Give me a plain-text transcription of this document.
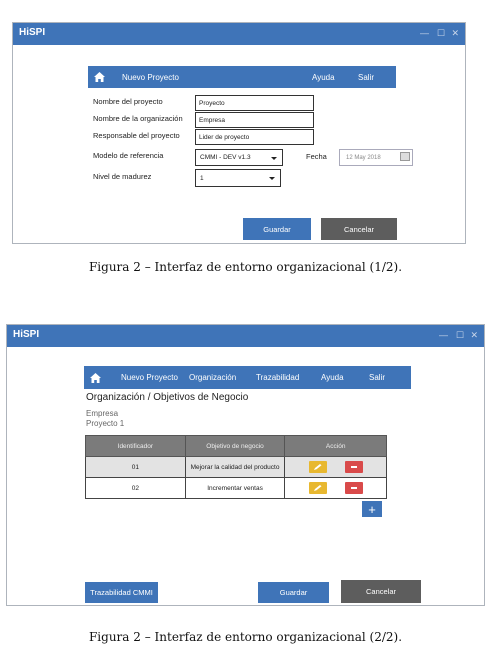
HiSPI	— ☐ ✕
Nuevo Proyecto	Ayuda	Salir
Nombre del proyecto	Proyecto
Nombre de la organización	Empresa
Responsable del proyecto	Lider de proyecto
Modelo de referencia	CMMI - DEV v1.3	Fecha	12 May 2018
Nivel de madurez	1
Guardar	Cancelar
Figura 2 – Interfaz de entorno organizacional (1/2).
HiSPI	— ☐ ✕
Nuevo Proyecto Organización Trazabilidad	Ayuda	Salir
Organización / Objetivos de Negocio
Empresa
Proyecto 1
Identificador	Objetivo de negocio	Acción
01	Mejorar la calidad del producto	

02	Incrementar ventas	
+
Trazabilidad CMMI	Guardar	Cancelar
Figura 2 – Interfaz de entorno organizacional (2/2).
